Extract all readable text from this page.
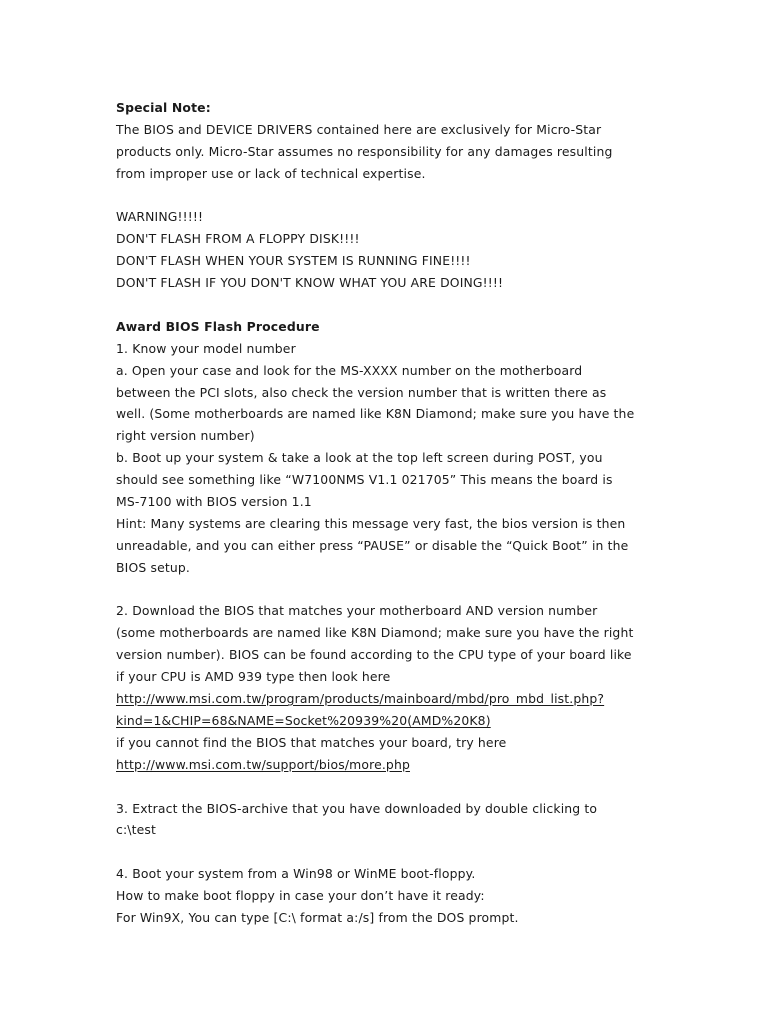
Special Note:
The BIOS and DEVICE DRIVERS contained here are exclusively for Micro-Star
products only. Micro-Star assumes no responsibility for any damages resulting
from improper use or lack of technical expertise.
WARNING!!!!!
DON'T FLASH FROM A FLOPPY DISK!!!!
DON'T FLASH WHEN YOUR SYSTEM IS RUNNING FINE!!!!
DON'T FLASH IF YOU DON'T KNOW WHAT YOU ARE DOING!!!!
Award BIOS Flash Procedure
1. Know your model number
a. Open your case and look for the MS-XXXX number on the motherboard
between the PCI slots, also check the version number that is written there as
well. (Some motherboards are named like K8N Diamond; make sure you have the
right version number)
b. Boot up your system & take a look at the top left screen during POST, you
should see something like “W7100NMS V1.1 021705” This means the board is
MS-7100 with BIOS version 1.1
Hint: Many systems are clearing this message very fast, the bios version is then
unreadable, and you can either press “PAUSE” or disable the “Quick Boot” in the
BIOS setup.
2. Download the BIOS that matches your motherboard AND version number
(some motherboards are named like K8N Diamond; make sure you have the right
version number). BIOS can be found according to the CPU type of your board like
if your CPU is AMD 939 type then look here
http://www.msi.com.tw/program/products/mainboard/mbd/pro_mbd_list.php?
kind=1&CHIP=68&NAME=Socket%20939%20(AMD%20K8)
if you cannot find the BIOS that matches your board, try here
http://www.msi.com.tw/support/bios/more.php
3. Extract the BIOS-archive that you have downloaded by double clicking to
c:\test
4. Boot your system from a Win98 or WinME boot-floppy.
How to make boot floppy in case your don’t have it ready:
For Win9X, You can type [C:\ format a:/s] from the DOS prompt.
